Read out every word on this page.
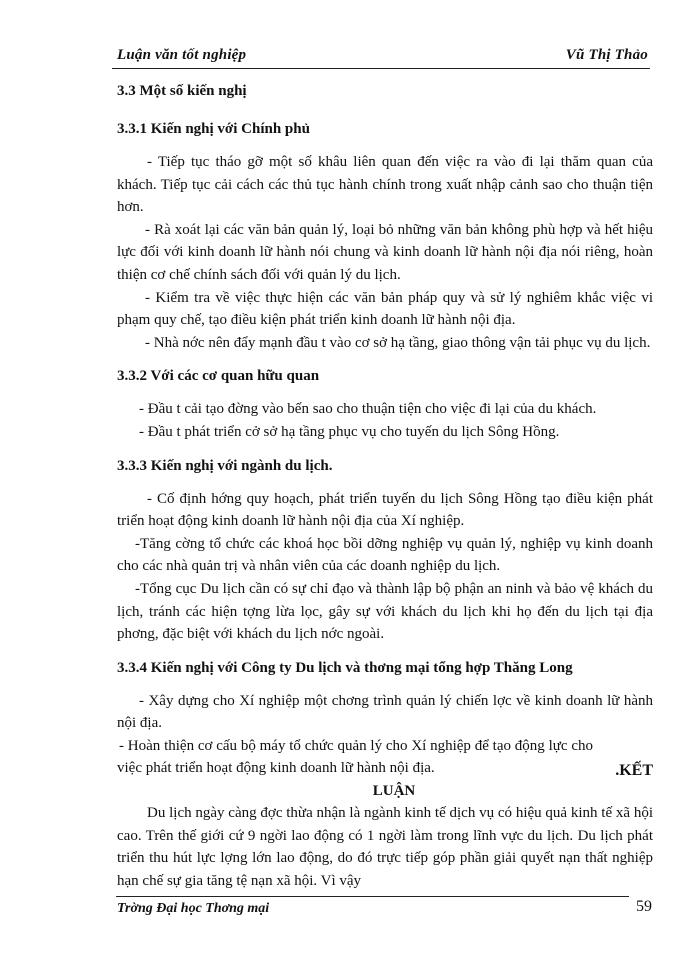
Luận văn tốt nghiệp	Vũ Thị Thảo

3.3 Một số kiến nghị

3.3.1 Kiến nghị với Chính phủ

- Tiếp tục tháo gỡ một số khâu liên quan đến việc ra vào đi lại thăm quan của khách. Tiếp tục cải cách các thủ tục hành chính trong xuất nhập cảnh sao cho thuận tiện hơn.

- Rà xoát lại các văn bản quản lý, loại bỏ những văn bản không phù hợp và hết hiệu lực đối với kinh doanh lữ hành nói chung và kinh doanh lữ hành nội địa nói riêng, hoàn thiện cơ chế chính sách đối với quản lý du lịch.

- Kiểm tra về việc thực hiện các văn bản pháp quy và sử lý nghiêm khắc việc vi phạm quy chế, tạo điều kiện phát triển kinh doanh lữ hành nội địa.

- Nhà nớc nên đẩy mạnh đầu t vào cơ sở hạ tầng, giao thông vận tải phục vụ du lịch.

3.3.2 Với các cơ quan hữu quan

- Đầu t cải tạo đờng vào bến sao cho thuận tiện cho việc đi lại của du khách.

- Đầu t phát triển cở sở hạ tầng phục vụ cho tuyến du lịch Sông Hồng.

3.3.3 Kiến nghị với ngành du lịch.

- Cố định hớng quy hoạch, phát triển tuyến du lịch Sông Hồng tạo điều kiện phát triển hoạt động kinh doanh lữ hành nội địa của Xí nghiệp.

-Tăng cờng tổ chức các khoá học bồi dỡng nghiệp vụ quản lý, nghiệp vụ kinh doanh cho các nhà quản trị và nhân viên của các doanh nghiệp du lịch.

-Tổng cục Du lịch cần có sự chỉ đạo và thành lập bộ phận an ninh và bảo vệ khách du lịch, tránh các hiện tợng lừa lọc, gây sự với khách du lịch khi họ đến du lịch tại địa phơng, đặc biệt với khách du lịch nớc ngoài.

3.3.4 Kiến nghị với Công ty Du lịch và thơng mại tổng hợp Thăng Long

- Xây dựng cho Xí nghiệp một chơng trình quản lý chiến lợc về kinh doanh lữ hành nội địa.

- Hoàn thiện cơ cấu bộ máy tổ chức quản lý cho Xí nghiệp để tạo động lực cho việc phát triển hoạt động kinh doanh lữ hành nội địa.	.KẾT

LUẬN

Du lịch ngày càng đợc thừa nhận là ngành kinh tế dịch vụ có hiệu quả kinh tế xã hội cao. Trên thế giới cứ 9 ngời lao động có 1 ngời làm trong lĩnh vực du lịch. Du lịch phát triển thu hút lực lợng lớn lao động, do đó trực tiếp góp phần giải quyết nạn thất nghiệp hạn chế sự gia tăng tệ nạn xã hội. Vì vậy

Trờng Đại học Thơng mại	59
